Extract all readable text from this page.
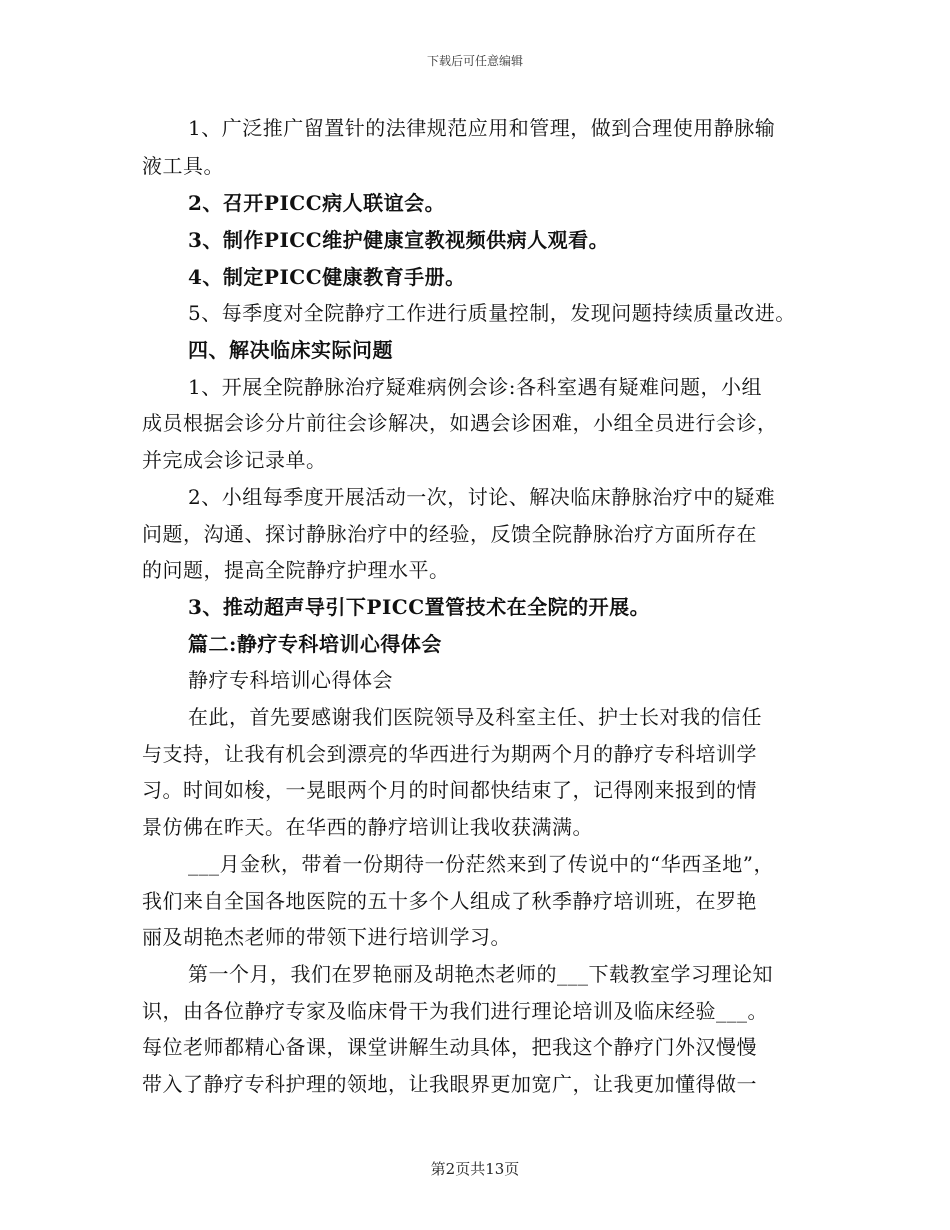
下载后可任意编辑
1、广泛推广留置针的法律规范应用和管理，做到合理使用静脉输
液工具。
2、召开PICC病人联谊会。
3、制作PICC维护健康宣教视频供病人观看。
4、制定PICC健康教育手册。
5、每季度对全院静疗工作进行质量控制，发现问题持续质量改进。
四、解决临床实际问题
1、开展全院静脉治疗疑难病例会诊:各科室遇有疑难问题，小组
成员根据会诊分片前往会诊解决，如遇会诊困难，小组全员进行会诊，
并完成会诊记录单。
2、小组每季度开展活动一次，讨论、解决临床静脉治疗中的疑难
问题，沟通、探讨静脉治疗中的经验，反馈全院静脉治疗方面所存在
的问题，提高全院静疗护理水平。
3、推动超声导引下PICC置管技术在全院的开展。
篇二:静疗专科培训心得体会
静疗专科培训心得体会
在此，首先要感谢我们医院领导及科室主任、护士长对我的信任
与支持，让我有机会到漂亮的华西进行为期两个月的静疗专科培训学
习。时间如梭，一晃眼两个月的时间都快结束了，记得刚来报到的情
景仿佛在昨天。在华西的静疗培训让我收获满满。
___月金秋，带着一份期待一份茫然来到了传说中的“华西圣地”，
我们来自全国各地医院的五十多个人组成了秋季静疗培训班，在罗艳
丽及胡艳杰老师的带领下进行培训学习。
第一个月，我们在罗艳丽及胡艳杰老师的___下载教室学习理论知
识，由各位静疗专家及临床骨干为我们进行理论培训及临床经验___。
每位老师都精心备课，课堂讲解生动具体，把我这个静疗门外汉慢慢
带入了静疗专科护理的领地，让我眼界更加宽广，让我更加懂得做一
第2页共13页
